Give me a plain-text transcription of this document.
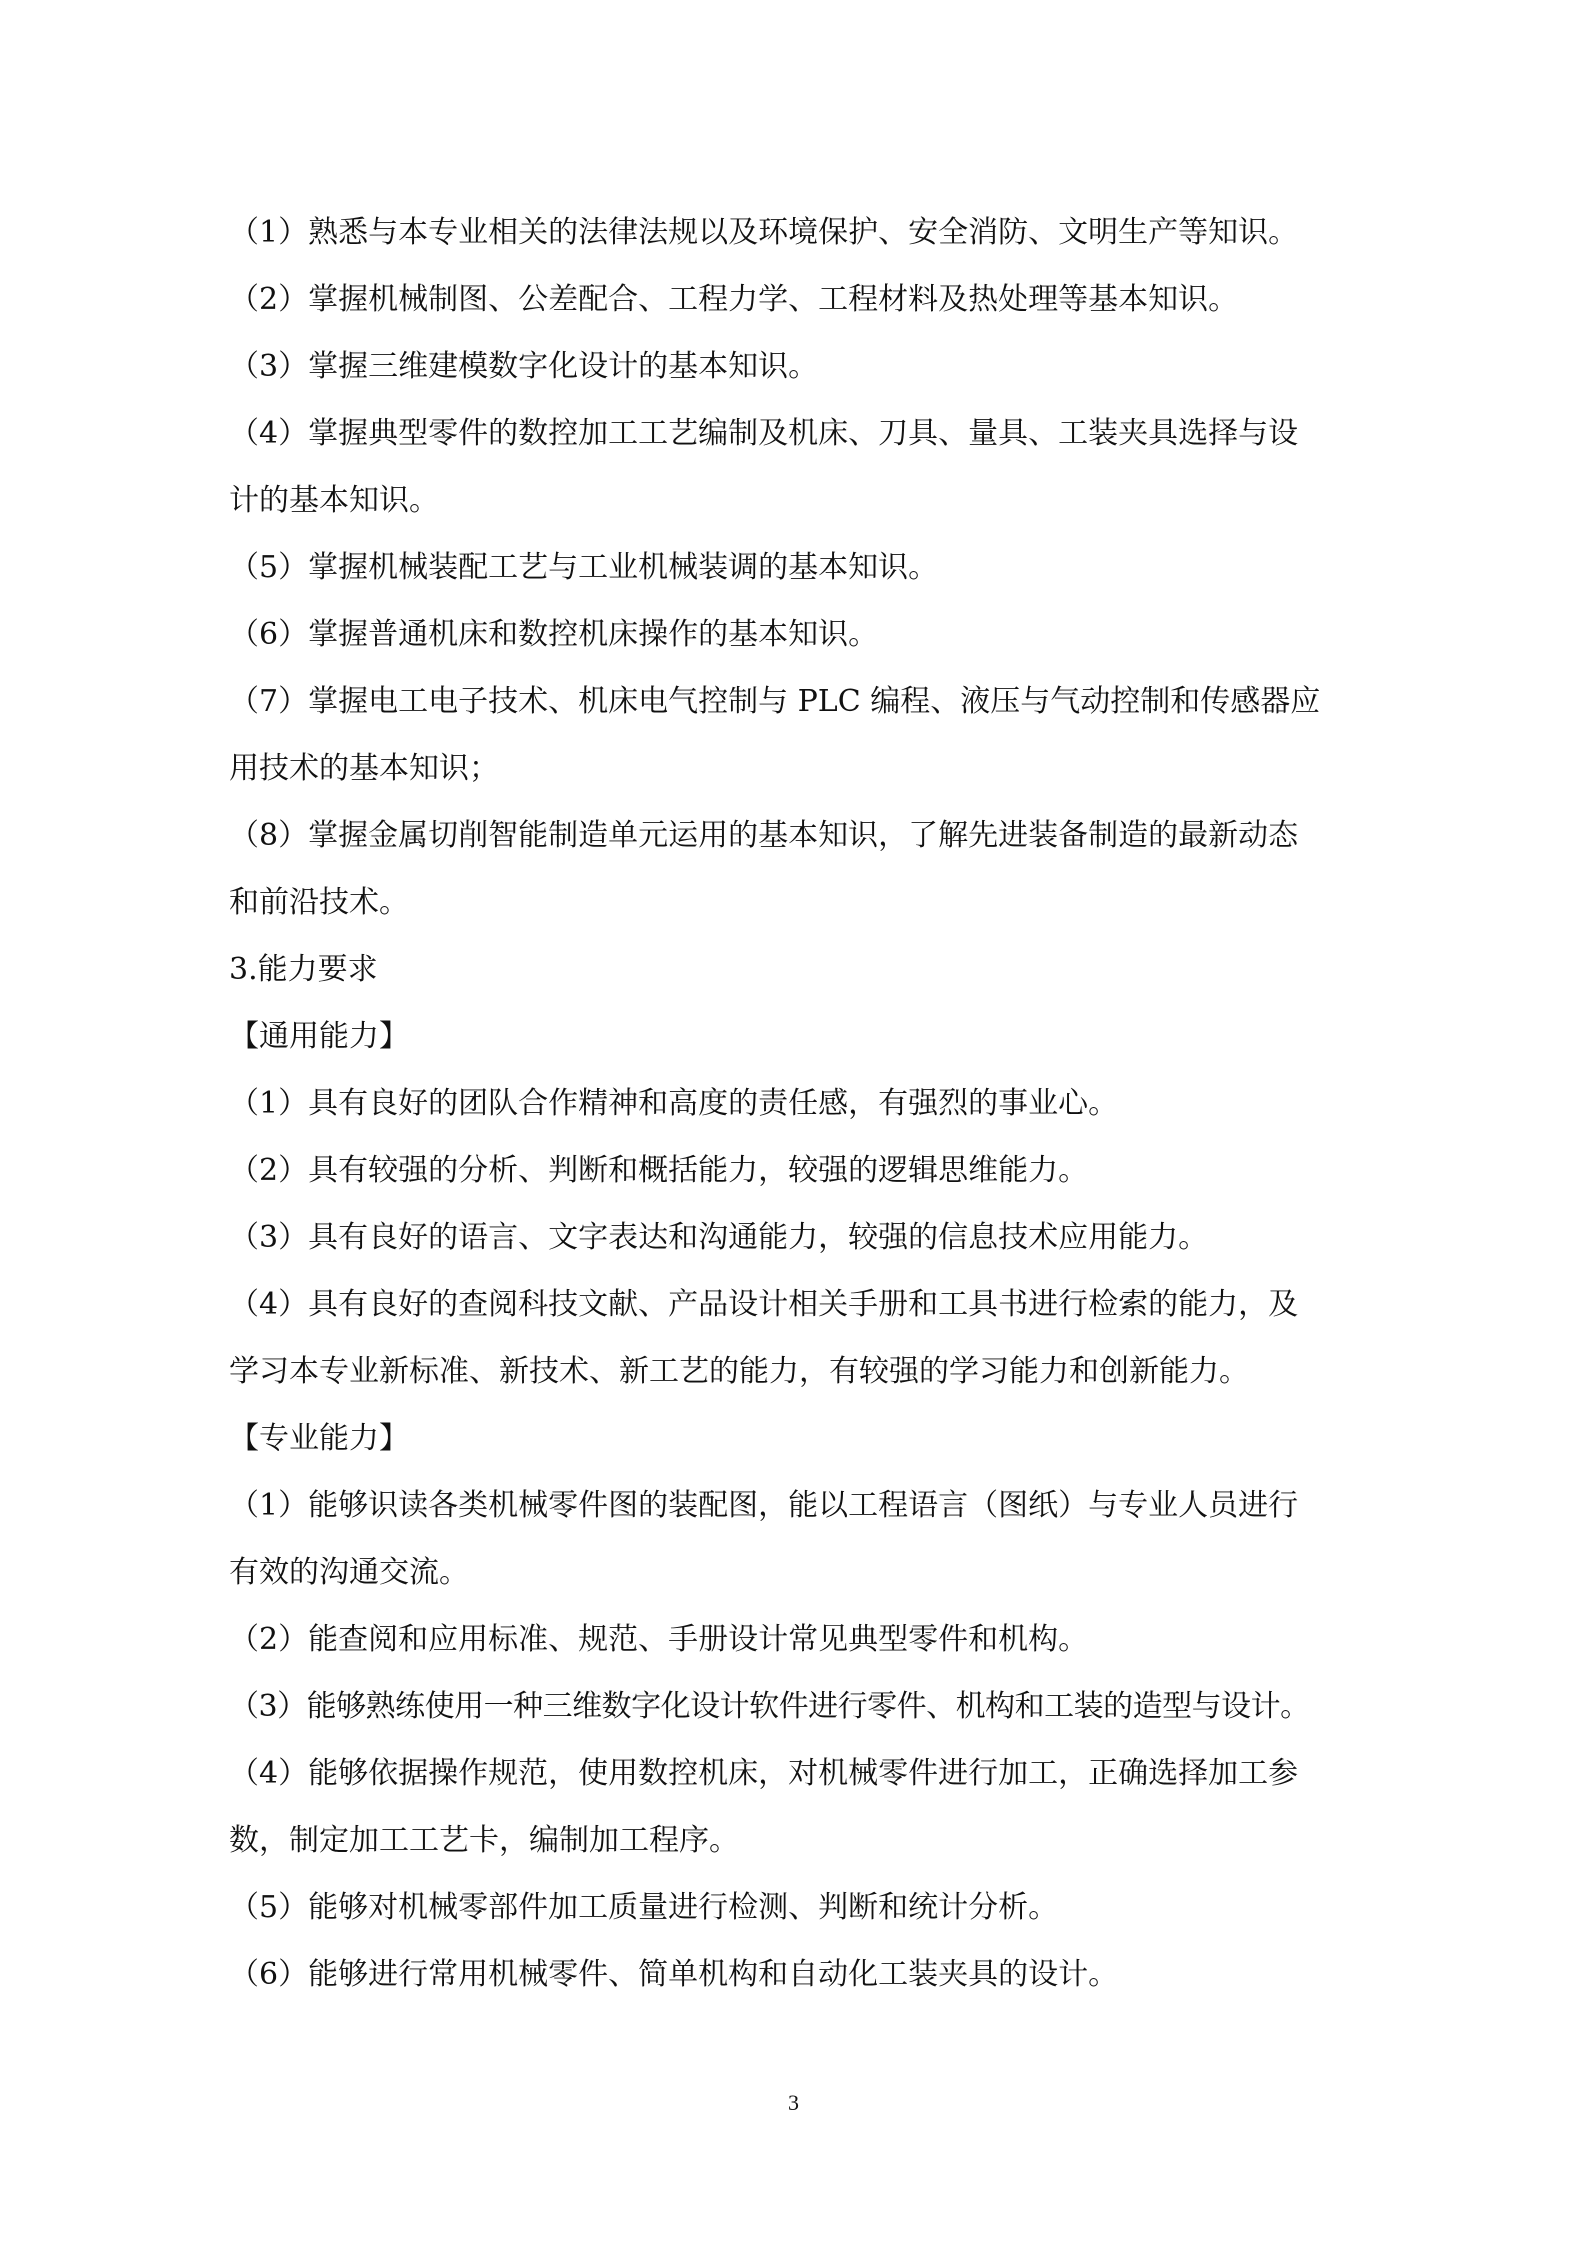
（1）熟悉与本专业相关的法律法规以及环境保护、安全消防、文明生产等知识。
（2）掌握机械制图、公差配合、工程力学、工程材料及热处理等基本知识。
（3）掌握三维建模数字化设计的基本知识。
（4）掌握典型零件的数控加工工艺编制及机床、刀具、量具、工装夹具选择与设
计的基本知识。
（5）掌握机械装配工艺与工业机械装调的基本知识。
（6）掌握普通机床和数控机床操作的基本知识。
（7）掌握电工电子技术、机床电气控制与 PLC 编程、液压与气动控制和传感器应
用技术的基本知识；
（8）掌握金属切削智能制造单元运用的基本知识，了解先进装备制造的最新动态
和前沿技术。
3.能力要求
【通用能力】
（1）具有良好的团队合作精神和高度的责任感，有强烈的事业心。
（2）具有较强的分析、判断和概括能力，较强的逻辑思维能力。
（3）具有良好的语言、文字表达和沟通能力，较强的信息技术应用能力。
（4）具有良好的查阅科技文献、产品设计相关手册和工具书进行检索的能力，及
学习本专业新标准、新技术、新工艺的能力，有较强的学习能力和创新能力。
【专业能力】
（1）能够识读各类机械零件图的装配图，能以工程语言（图纸）与专业人员进行
有效的沟通交流。
（2）能查阅和应用标准、规范、手册设计常见典型零件和机构。
（3）能够熟练使用一种三维数字化设计软件进行零件、机构和工装的造型与设计。
（4）能够依据操作规范，使用数控机床，对机械零件进行加工，正确选择加工参
数，制定加工工艺卡，编制加工程序。
（5）能够对机械零部件加工质量进行检测、判断和统计分析。
（6）能够进行常用机械零件、简单机构和自动化工装夹具的设计。
3
